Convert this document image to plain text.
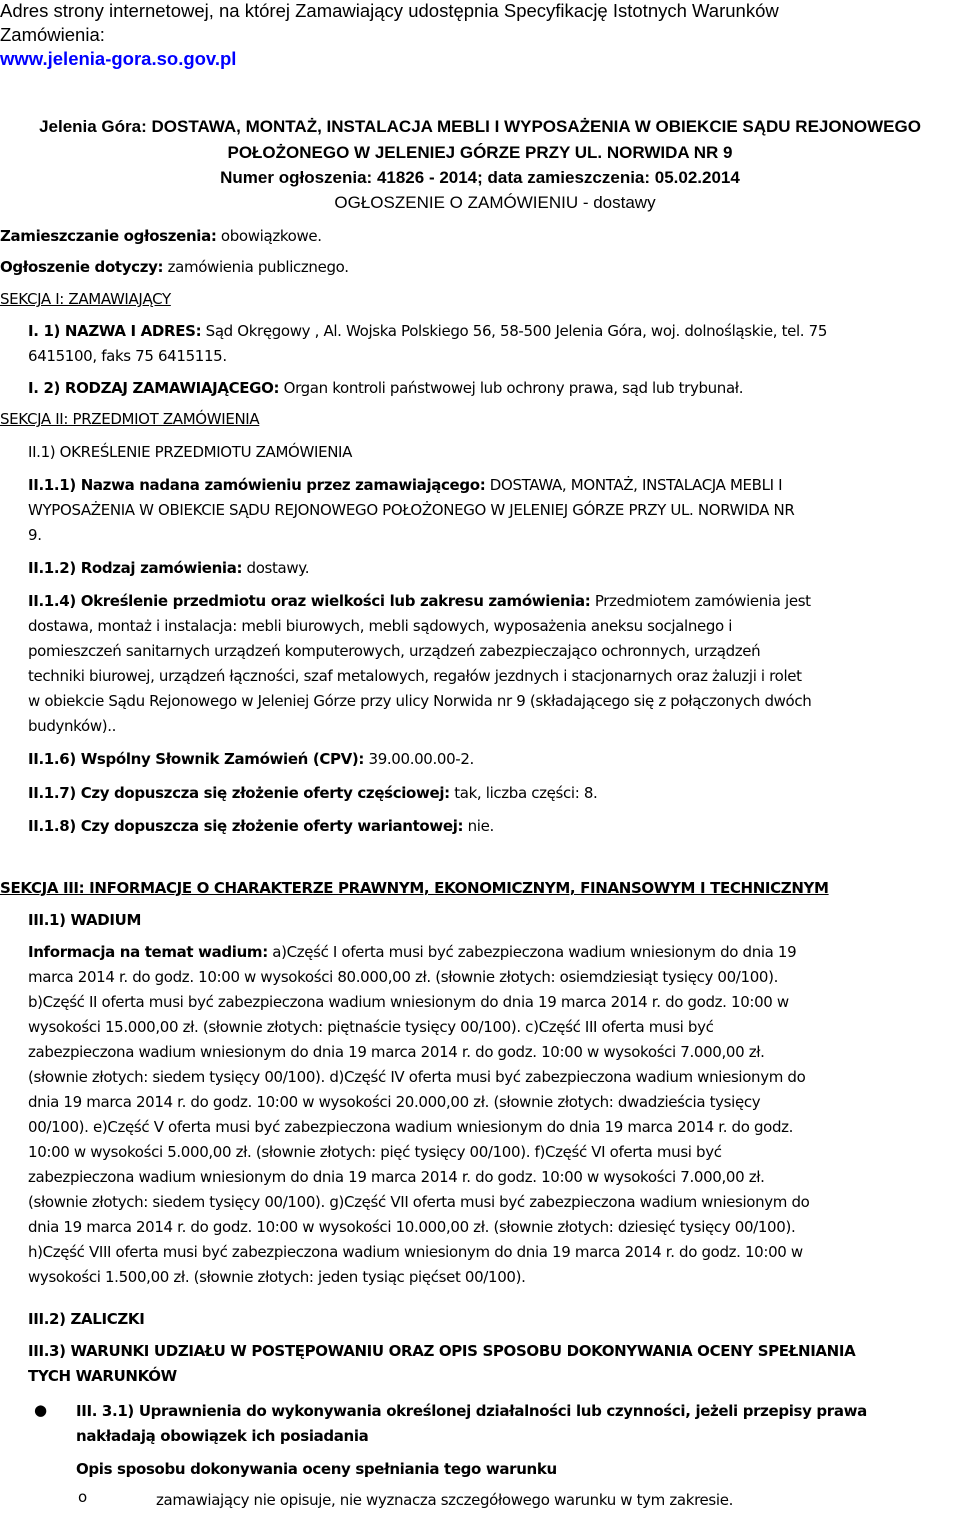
Adres strony internetowej, na której Zamawiający udostępnia Specyfikację Istotnych Warunków
Zamówienia:
www.jelenia-gora.so.gov.pl
Jelenia Góra: DOSTAWA, MONTAŻ, INSTALACJA MEBLI I WYPOSAŻENIA W OBIEKCIE SĄDU REJONOWEGO
POŁOŻONEGO W JELENIEJ GÓRZE PRZY UL. NORWIDA NR 9
Numer ogłoszenia: 41826 - 2014; data zamieszczenia: 05.02.2014
OGŁOSZENIE O ZAMÓWIENIU - dostawy
Zamieszczanie ogłoszenia: obowiązkowe.
Ogłoszenie dotyczy: zamówienia publicznego.
SEKCJA I: ZAMAWIAJĄCY
I. 1) NAZWA I ADRES: Sąd Okręgowy , Al. Wojska Polskiego 56, 58-500 Jelenia Góra, woj. dolnośląskie, tel. 75
6415100, faks 75 6415115.
I. 2) RODZAJ ZAMAWIAJĄCEGO: Organ kontroli państwowej lub ochrony prawa, sąd lub trybunał.
SEKCJA II: PRZEDMIOT ZAMÓWIENIA
II.1) OKREŚLENIE PRZEDMIOTU ZAMÓWIENIA
II.1.1) Nazwa nadana zamówieniu przez zamawiającego: DOSTAWA, MONTAŻ, INSTALACJA MEBLI I
WYPOSAŻENIA W OBIEKCIE SĄDU REJONOWEGO POŁOŻONEGO W JELENIEJ GÓRZE PRZY UL. NORWIDA NR
9.
II.1.2) Rodzaj zamówienia: dostawy.
II.1.4) Określenie przedmiotu oraz wielkości lub zakresu zamówienia: Przedmiotem zamówienia jest
dostawa, montaż i instalacja: mebli biurowych, mebli sądowych, wyposażenia aneksu socjalnego i
pomieszczeń sanitarnych urządzeń komputerowych, urządzeń zabezpieczająco ochronnych, urządzeń
techniki biurowej, urządzeń łączności, szaf metalowych, regałów jezdnych i stacjonarnych oraz żaluzji i rolet
w obiekcie Sądu Rejonowego w Jeleniej Górze przy ulicy Norwida nr 9 (składającego się z połączonych dwóch
budynków)..
II.1.6) Wspólny Słownik Zamówień (CPV): 39.00.00.00-2.
II.1.7) Czy dopuszcza się złożenie oferty częściowej: tak, liczba części: 8.
II.1.8) Czy dopuszcza się złożenie oferty wariantowej: nie.
SEKCJA III: INFORMACJE O CHARAKTERZE PRAWNYM, EKONOMICZNYM, FINANSOWYM I TECHNICZNYM
III.1) WADIUM
Informacja na temat wadium: a)Część I oferta musi być zabezpieczona wadium wniesionym do dnia 19
marca 2014 r. do godz. 10:00 w wysokości 80.000,00 zł. (słownie złotych: osiemdziesiąt tysięcy 00/100).
b)Część II oferta musi być zabezpieczona wadium wniesionym do dnia 19 marca 2014 r. do godz. 10:00 w
wysokości 15.000,00 zł. (słownie złotych: piętnaście tysięcy 00/100). c)Część III oferta musi być
zabezpieczona wadium wniesionym do dnia 19 marca 2014 r. do godz. 10:00 w wysokości 7.000,00 zł.
(słownie złotych: siedem tysięcy 00/100). d)Część IV oferta musi być zabezpieczona wadium wniesionym do
dnia 19 marca 2014 r. do godz. 10:00 w wysokości 20.000,00 zł. (słownie złotych: dwadzieścia tysięcy
00/100). e)Część V oferta musi być zabezpieczona wadium wniesionym do dnia 19 marca 2014 r. do godz.
10:00 w wysokości 5.000,00 zł. (słownie złotych: pięć tysięcy 00/100). f)Część VI oferta musi być
zabezpieczona wadium wniesionym do dnia 19 marca 2014 r. do godz. 10:00 w wysokości 7.000,00 zł.
(słownie złotych: siedem tysięcy 00/100). g)Część VII oferta musi być zabezpieczona wadium wniesionym do
dnia 19 marca 2014 r. do godz. 10:00 w wysokości 10.000,00 zł. (słownie złotych: dziesięć tysięcy 00/100).
h)Część VIII oferta musi być zabezpieczona wadium wniesionym do dnia 19 marca 2014 r. do godz. 10:00 w
wysokości 1.500,00 zł. (słownie złotych: jeden tysiąc pięćset 00/100).
III.2) ZALICZKI
III.3) WARUNKI UDZIAŁU W POSTĘPOWANIU ORAZ OPIS SPOSOBU DOKONYWANIA OCENY SPEŁNIANIA
TYCH WARUNKÓW
● III. 3.1) Uprawnienia do wykonywania określonej działalności lub czynności, jeżeli przepisy prawa
nakładają obowiązek ich posiadania
Opis sposobu dokonywania oceny spełniania tego warunku
o	zamawiający nie opisuje, nie wyznacza szczegółowego warunku w tym zakresie.
